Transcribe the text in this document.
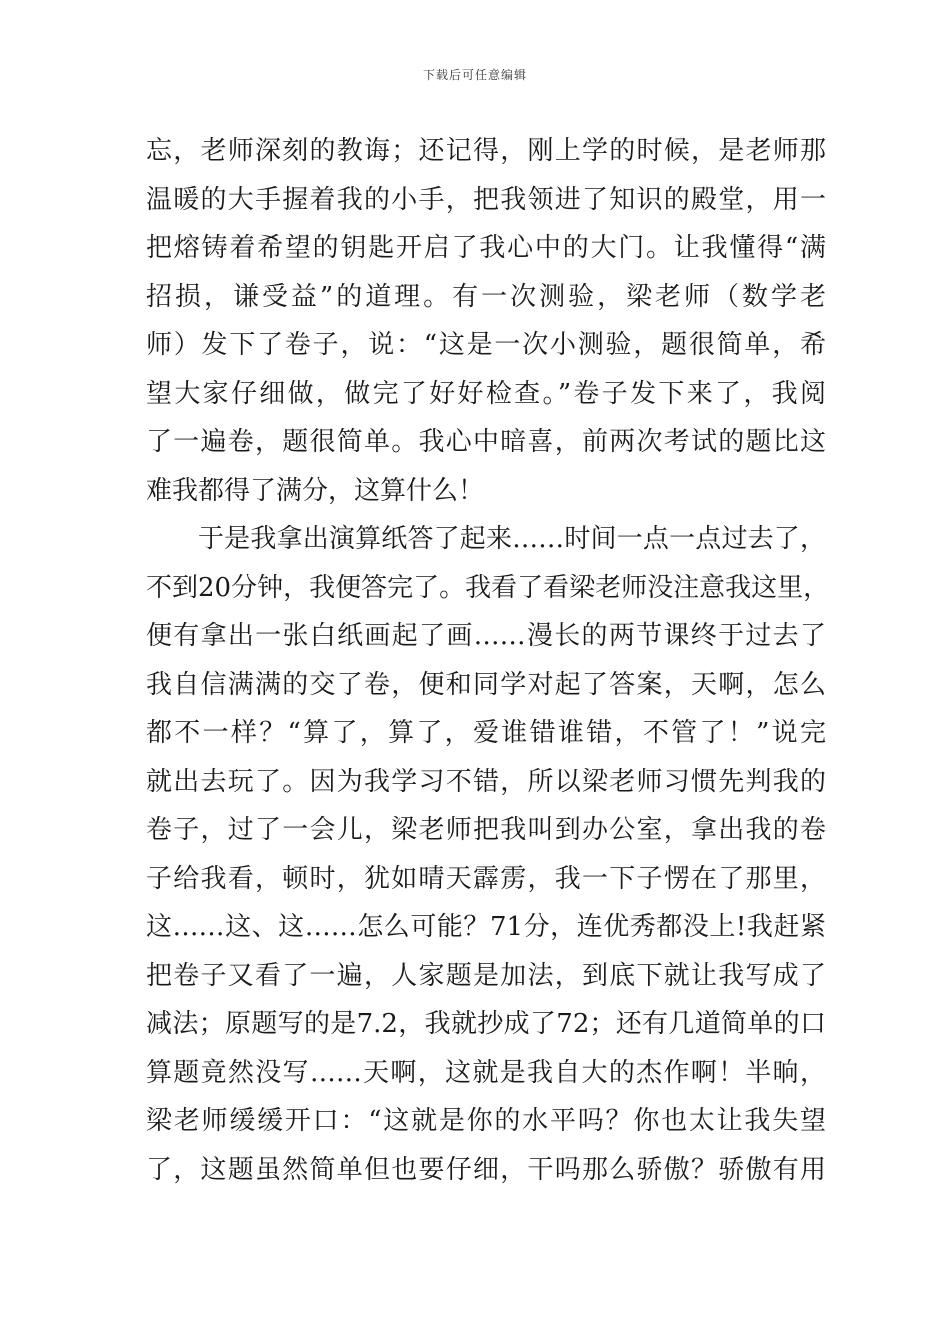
下载后可任意编辑
忘，老师深刻的教诲；还记得，刚上学的时候，是老师那
温暖的大手握着我的小手，把我领进了知识的殿堂，用一
把熔铸着希望的钥匙开启了我心中的大门。让我懂得“满
招损，谦受益”的道理。有一次测验，梁老师（数学老
师）发下了卷子，说：“这是一次小测验，题很简单，希
望大家仔细做，做完了好好检查。”卷子发下来了，我阅
了一遍卷，题很简单。我心中暗喜，前两次考试的题比这
难我都得了满分，这算什么！
于是我拿出演算纸答了起来……时间一点一点过去了，
不到20分钟，我便答完了。我看了看梁老师没注意我这里，
便有拿出一张白纸画起了画……漫长的两节课终于过去了
我自信满满的交了卷，便和同学对起了答案，天啊，怎么
都不一样？“算了，算了，爱谁错谁错，不管了！”说完
就出去玩了。因为我学习不错，所以梁老师习惯先判我的
卷子，过了一会儿，梁老师把我叫到办公室，拿出我的卷
子给我看，顿时，犹如晴天霹雳，我一下子愣在了那里，
这……这、这……怎么可能？71分，连优秀都没上!我赶紧
把卷子又看了一遍，人家题是加法，到底下就让我写成了
减法；原题写的是7.2，我就抄成了72；还有几道简单的口
算题竟然没写……天啊，这就是我自大的杰作啊！半晌，
梁老师缓缓开口：“这就是你的水平吗？你也太让我失望
了，这题虽然简单但也要仔细，干吗那么骄傲？骄傲有用
